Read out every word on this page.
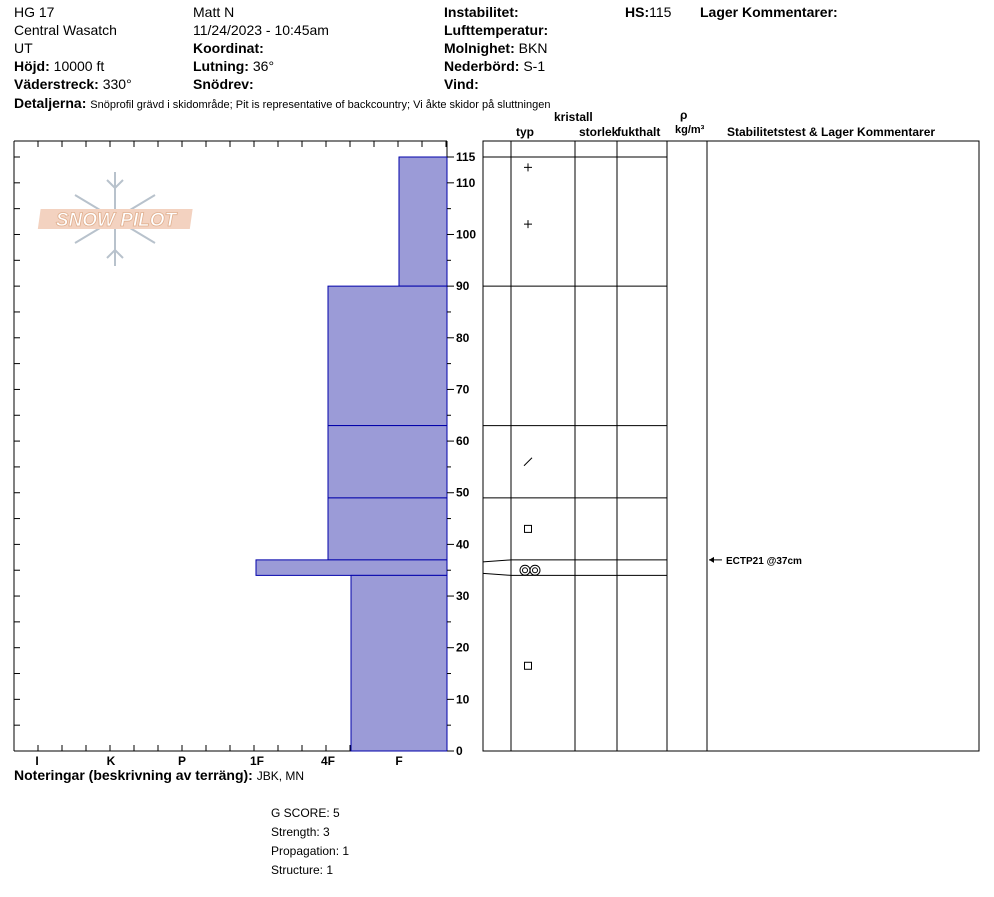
HG 17
Central Wasatch
UT
Höjd: 10000 ft
Väderstreck: 330°
Matt N
11/24/2023 - 10:45am
Koordinat:
Lutning: 36°
Snödrev:
Instabilitet:
Lufttemperatur:
Molnighet: BKN
Nederbörd: S-1
Vind:
HS:115 Lager Kommentarer:
Detaljerna: Snöprofil grävd i skidområde; Pit is representative of backcountry; Vi åkte skidor på sluttningen
typ
kristall
storlek
fukthalt
ρ
kg/m³ Stabilitetstest & Lager Kommentarer
Noteringar (beskrivning av terräng): JBK, MN
G SCORE: 5
Strength: 3
Propagation: 1
Structure: 1
SNOW PILOT
0
10
20
30
40
50
60
70
80
90
100
110
115
I	K	P	1F	4F	F
ECTP21 @37cm
